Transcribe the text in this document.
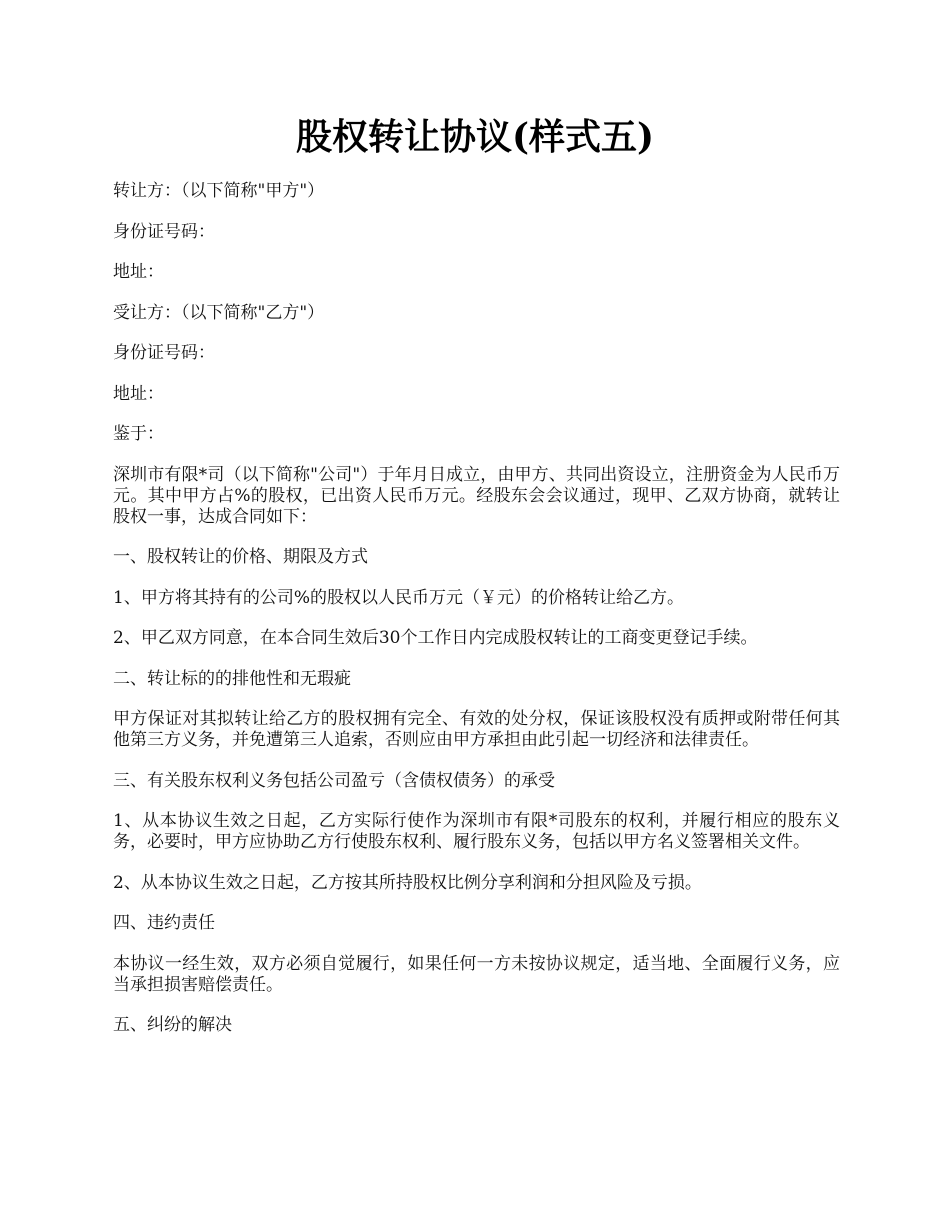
股权转让协议(样式五)

转让方：（以下简称"甲方"）

身份证号码：

地址：

受让方：（以下简称"乙方"）

身份证号码：

地址：

鉴于：

深圳市有限*司（以下简称"公司"）于年月日成立，由甲方、共同出资设立，注册资金为人民币万元。其中甲方占%的股权，已出资人民币万元。经股东会会议通过，现甲、乙双方协商，就转让股权一事，达成合同如下：

一、股权转让的价格、期限及方式

1、甲方将其持有的公司%的股权以人民币万元（￥元）的价格转让给乙方。

2、甲乙双方同意，在本合同生效后30个工作日内完成股权转让的工商变更登记手续。

二、转让标的的排他性和无瑕疵

甲方保证对其拟转让给乙方的股权拥有完全、有效的处分权，保证该股权没有质押或附带任何其他第三方义务，并免遭第三人追索，否则应由甲方承担由此引起一切经济和法律责任。

三、有关股东权利义务包括公司盈亏（含债权债务）的承受

1、从本协议生效之日起，乙方实际行使作为深圳市有限*司股东的权利，并履行相应的股东义务，必要时，甲方应协助乙方行使股东权利、履行股东义务，包括以甲方名义签署相关文件。

2、从本协议生效之日起，乙方按其所持股权比例分享利润和分担风险及亏损。

四、违约责任

本协议一经生效，双方必须自觉履行，如果任何一方未按协议规定，适当地、全面履行义务，应当承担损害赔偿责任。

五、纠纷的解决
